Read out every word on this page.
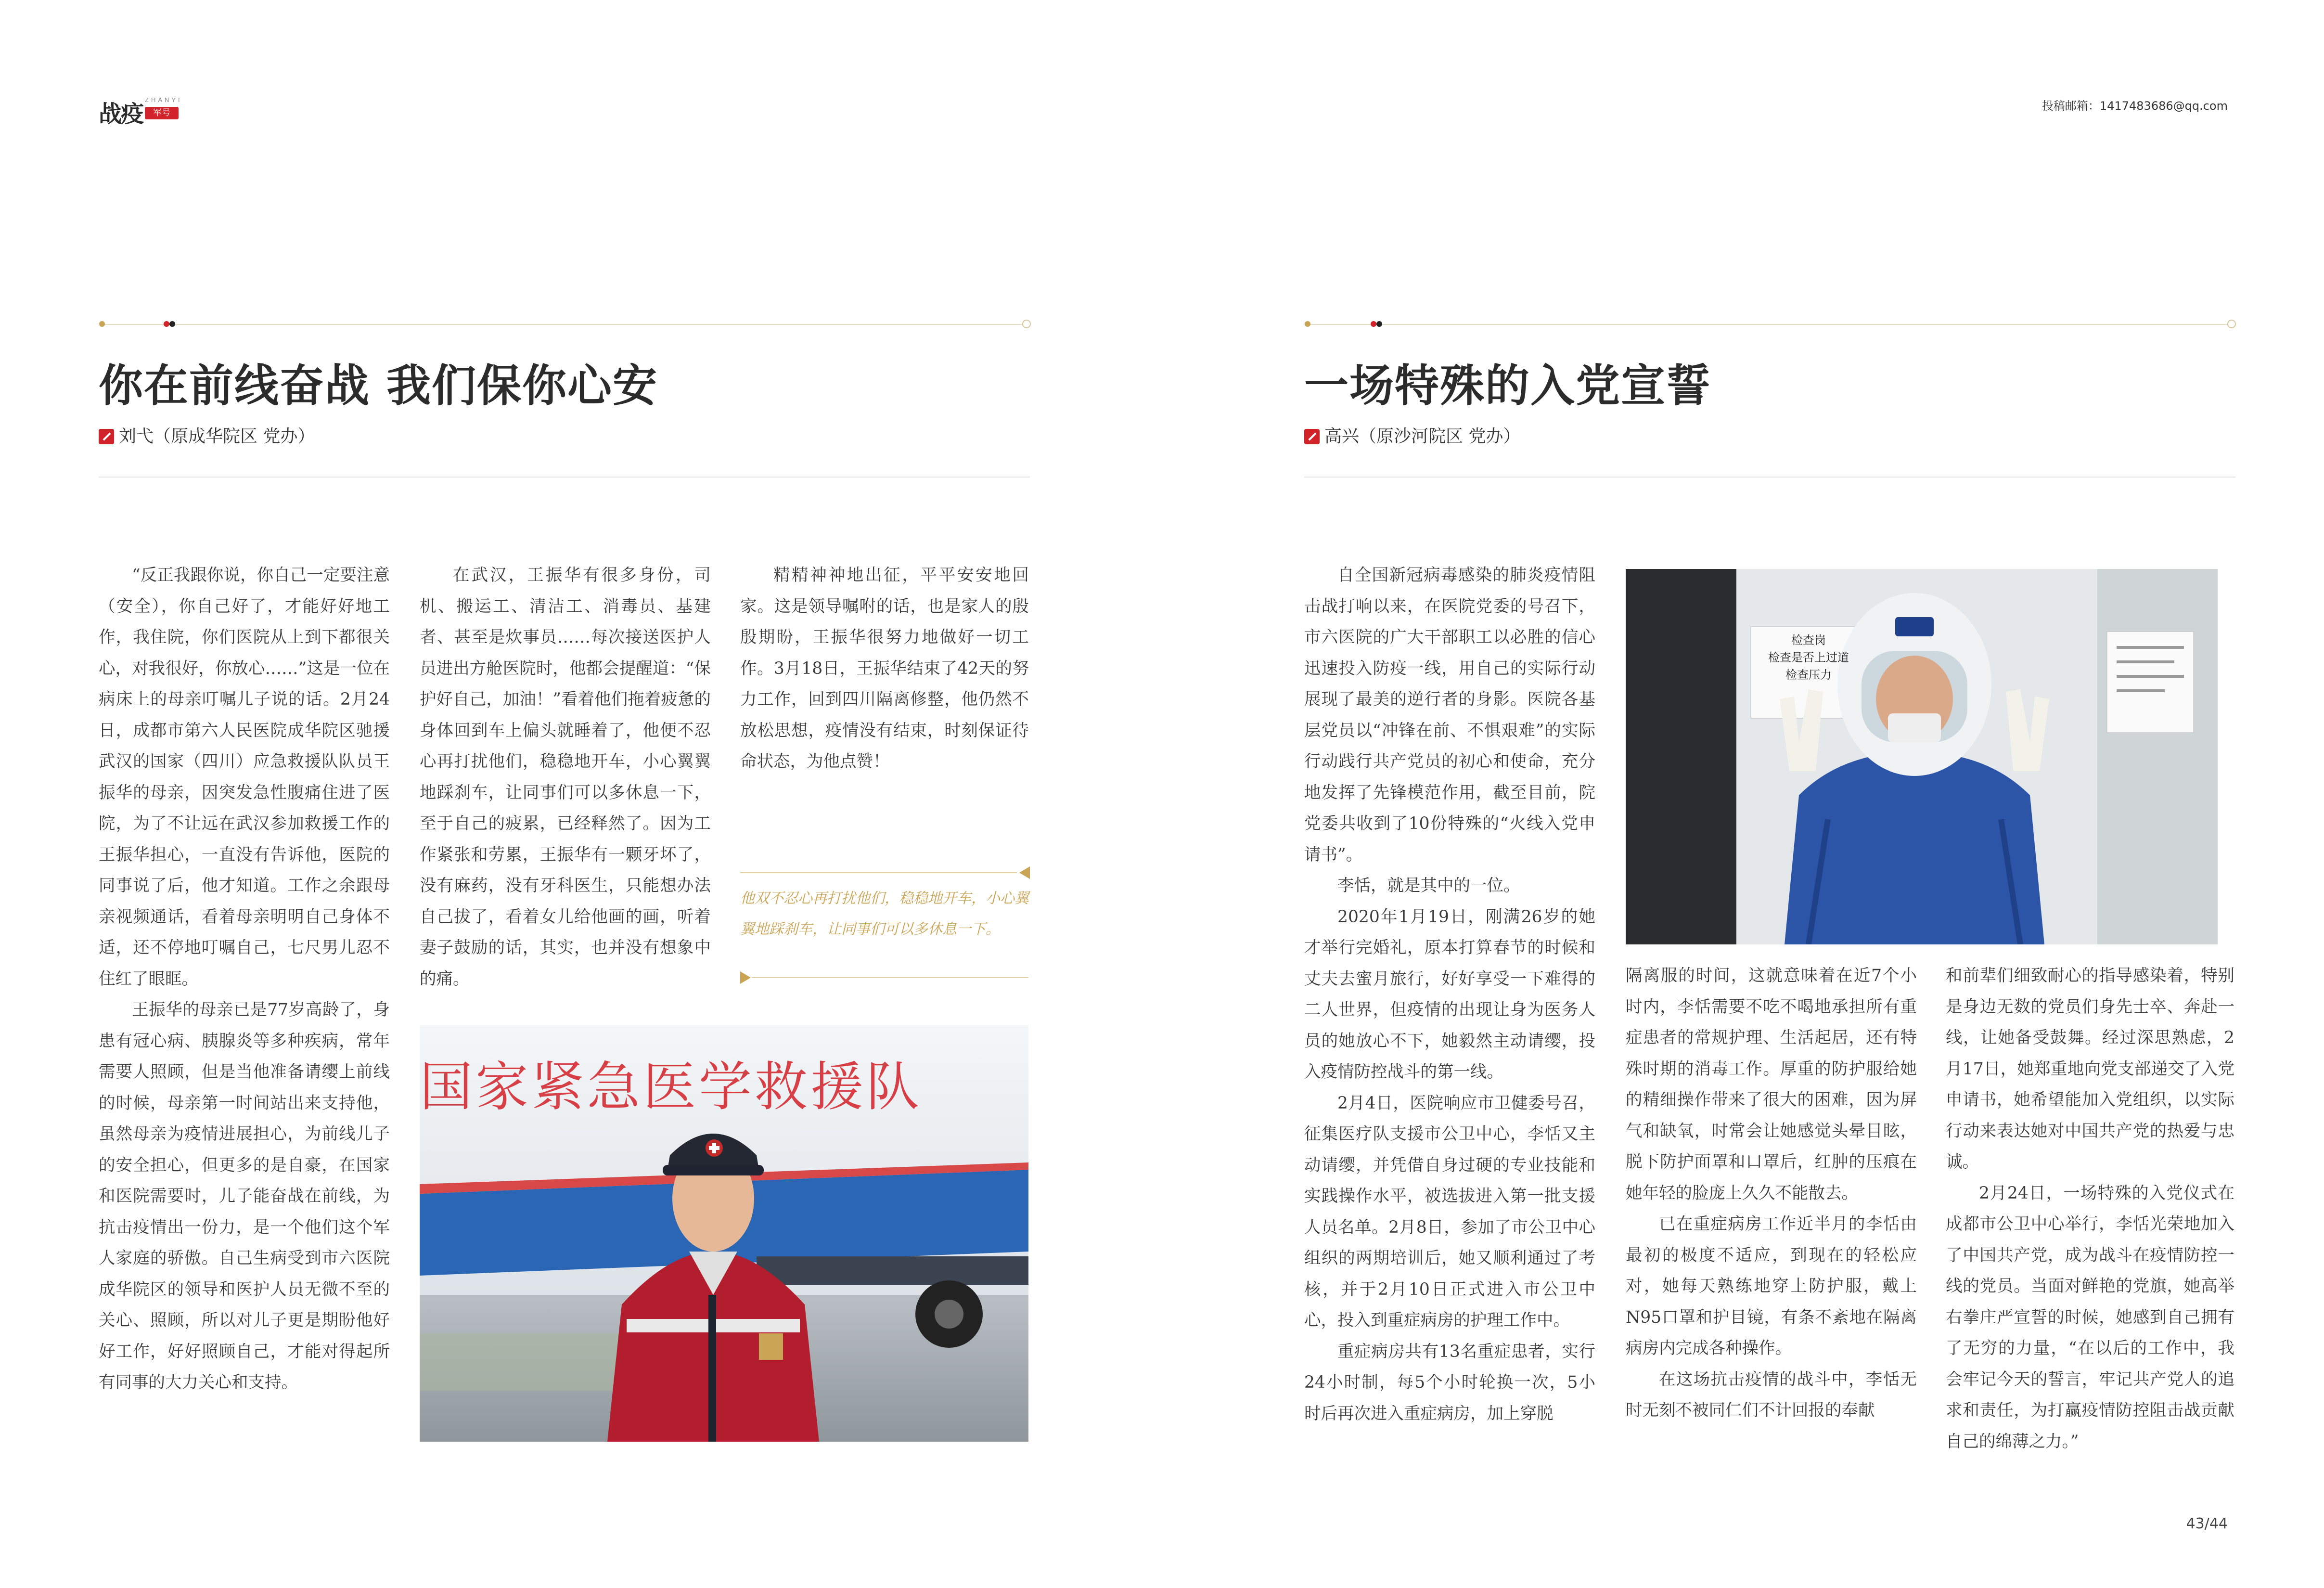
战疫
ZHANYI
军号
投稿邮箱：1417483686@qq.com
你在前线奋战 我们保你心安
刘弋（原成华院区 党办）

“反正我跟你说，你自己一定要注意（安全），你自己好了，才能好好地工作，我住院，你们医院从上到下都很关心，对我很好，你放心……”这是一位在病床上的母亲叮嘱儿子说的话。2月24日，成都市第六人民医院成华院区驰援武汉的国家（四川）应急救援队队员王振华的母亲，因突发急性腹痛住进了医院，为了不让远在武汉参加救援工作的王振华担心，一直没有告诉他，医院的同事说了后，他才知道。工作之余跟母亲视频通话，看着母亲明明自己身体不适，还不停地叮嘱自己，七尺男儿忍不住红了眼眶。

王振华的母亲已是77岁高龄了，身患有冠心病、胰腺炎等多种疾病，常年需要人照顾，但是当他准备请缨上前线的时候，母亲第一时间站出来支持他，虽然母亲为疫情进展担心，为前线儿子的安全担心，但更多的是自豪，在国家和医院需要时，儿子能奋战在前线，为抗击疫情出一份力，是一个他们这个军人家庭的骄傲。自己生病受到市六医院成华院区的领导和医护人员无微不至的关心、照顾，所以对儿子更是期盼他好好工作，好好照顾自己，才能对得起所有同事的大力关心和支持。

在武汉，王振华有很多身份，司机、搬运工、清洁工、消毒员、基建者、甚至是炊事员……每次接送医护人员进出方舱医院时，他都会提醒道：“保护好自己，加油！”看着他们拖着疲惫的身体回到车上偏头就睡着了，他便不忍心再打扰他们，稳稳地开车，小心翼翼地踩刹车，让同事们可以多休息一下，至于自己的疲累，已经释然了。因为工作紧张和劳累，王振华有一颗牙坏了，没有麻药，没有牙科医生，只能想办法自己拔了，看着女儿给他画的画，听着妻子鼓励的话，其实，也并没有想象中的痛。

精精神神地出征，平平安安地回家。这是领导嘱咐的话，也是家人的殷殷期盼，王振华很努力地做好一切工作。3月18日，王振华结束了42天的努力工作，回到四川隔离修整，他仍然不放松思想，疫情没有结束，时刻保证待命状态，为他点赞！

他双不忍心再打扰他们，稳稳地开车，小心翼翼地踩刹车，让同事们可以多休息一下。
国家紧急医学救援队
一场特殊的入党宣誓
高兴（原沙河院区 党办）

自全国新冠病毒感染的肺炎疫情阻击战打响以来，在医院党委的号召下，市六医院的广大干部职工以必胜的信心迅速投入防疫一线，用自己的实际行动展现了最美的逆行者的身影。医院各基层党员以“冲锋在前、不惧艰难”的实际行动践行共产党员的初心和使命，充分地发挥了先锋模范作用，截至目前，院党委共收到了10份特殊的“火线入党申请书”。

李恬，就是其中的一位。

2020年1月19日，刚满26岁的她才举行完婚礼，原本打算春节的时候和丈夫去蜜月旅行，好好享受一下难得的二人世界，但疫情的出现让身为医务人员的她放心不下，她毅然主动请缨，投入疫情防控战斗的第一线。

2月4日，医院响应市卫健委号召，征集医疗队支援市公卫中心，李恬又主动请缨，并凭借自身过硬的专业技能和实践操作水平，被选拔进入第一批支援人员名单。2月8日，参加了市公卫中心组织的两期培训后，她又顺利通过了考核，并于2月10日正式进入市公卫中心，投入到重症病房的护理工作中。

重症病房共有13名重症患者，实行24小时制，每5个小时轮换一次，5小时后再次进入重症病房，加上穿脱

检查岗
检查是否上过道
检查压力

隔离服的时间，这就意味着在近7个小时内，李恬需要不吃不喝地承担所有重症患者的常规护理、生活起居，还有特殊时期的消毒工作。厚重的防护服给她的精细操作带来了很大的困难，因为屏气和缺氧，时常会让她感觉头晕目眩，脱下防护面罩和口罩后，红肿的压痕在她年轻的脸庞上久久不能散去。

已在重症病房工作近半月的李恬由最初的极度不适应，到现在的轻松应对，她每天熟练地穿上防护服，戴上N95口罩和护目镜，有条不紊地在隔离病房内完成各种操作。

在这场抗击疫情的战斗中，李恬无时无刻不被同仁们不计回报的奉献

和前辈们细致耐心的指导感染着，特别是身边无数的党员们身先士卒、奔赴一线，让她备受鼓舞。经过深思熟虑，2月17日，她郑重地向党支部递交了入党申请书，她希望能加入党组织，以实际行动来表达她对中国共产党的热爱与忠诚。

2月24日，一场特殊的入党仪式在成都市公卫中心举行，李恬光荣地加入了中国共产党，成为战斗在疫情防控一线的党员。当面对鲜艳的党旗，她高举右拳庄严宣誓的时候，她感到自己拥有了无穷的力量，“在以后的工作中，我会牢记今天的誓言，牢记共产党人的追求和责任，为打赢疫情防控阻击战贡献自己的绵薄之力。”

43/44
